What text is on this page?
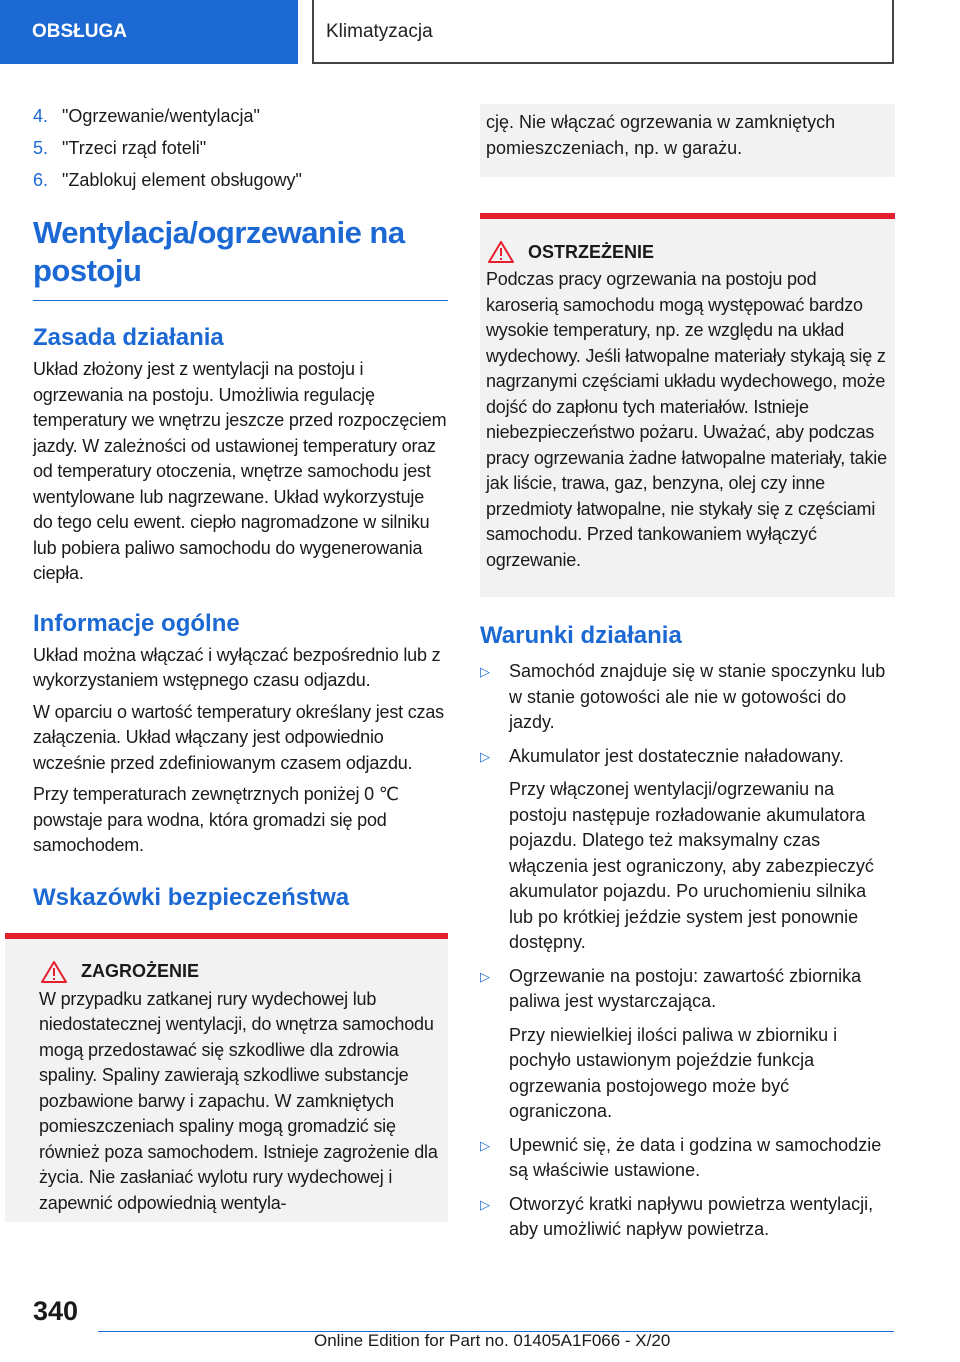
OBSŁUGA	Klimatyzacja
4. "Ogrzewanie/wentylacja"
5. "Trzeci rząd foteli"
6. "Zablokuj element obsługowy"
Wentylacja/ogrzewanie na postoju
Zasada działania

Układ złożony jest z wentylacji na postoju i ogrzewania na postoju. Umożliwia regulację temperatury we wnętrzu jeszcze przed rozpoczęciem jazdy. W zależności od ustawionej temperatury oraz od temperatury otoczenia, wnętrze samochodu jest wentylowane lub nagrzewane. Układ wykorzystuje do tego celu ewent. ciepło nagromadzone w silniku lub pobiera paliwo samochodu do wygenerowania ciepła.

Informacje ogólne

Układ można włączać i wyłączać bezpośrednio lub z wykorzystaniem wstępnego czasu odjazdu.

W oparciu o wartość temperatury określany jest czas załączenia. Układ włączany jest odpowiednio wcześnie przed zdefiniowanym czasem odjazdu.

Przy temperaturach zewnętrznych poniżej 0 ℃ powstaje para wodna, która gromadzi się pod samochodem.

Wskazówki bezpieczeństwa
ZAGROŻENIE

W przypadku zatkanej rury wydechowej lub niedostatecznej wentylacji, do wnętrza samochodu mogą przedostawać się szkodliwe dla zdrowia spaliny. Spaliny zawierają szkodliwe substancje pozbawione barwy i zapachu. W zamkniętych pomieszczeniach spaliny mogą gromadzić się również poza samochodem. Istnieje zagrożenie dla życia. Nie zasłaniać wylotu rury wydechowej i zapewnić odpowiednią wentyla-

cję. Nie włączać ogrzewania w zamkniętych pomieszczeniach, np. w garażu.
OSTRZEŻENIE

Podczas pracy ogrzewania na postoju pod karoserią samochodu mogą występować bardzo wysokie temperatury, np. ze względu na układ wydechowy. Jeśli łatwopalne materiały stykają się z nagrzanymi częściami układu wydechowego, może dojść do zapłonu tych materiałów. Istnieje niebezpieczeństwo pożaru. Uważać, aby podczas pracy ogrzewania żadne łatwopalne materiały, takie jak liście, trawa, gaz, benzyna, olej czy inne przedmioty łatwopalne, nie stykały się z częściami samochodu. Przed tankowaniem wyłączyć ogrzewanie.

Warunki działania
▷	Samochód znajduje się w stanie spoczynku lub w stanie gotowości ale nie w gotowości do jazdy.
▷	Akumulator jest dostatecznie naładowany.

Przy włączonej wentylacji/ogrzewaniu na postoju następuje rozładowanie akumulatora pojazdu. Dlatego też maksymalny czas włączenia jest ograniczony, aby zabezpieczyć akumulator pojazdu. Po uruchomieniu silnika lub po krótkiej jeździe system jest ponownie dostępny.

▷	Ogrzewanie na postoju: zawartość zbiornika paliwa jest wystarczająca.

Przy niewielkiej ilości paliwa w zbiorniku i pochyło ustawionym pojeździe funkcja ogrzewania postojowego może być ograniczona.

▷	Upewnić się, że data i godzina w samochodzie są właściwie ustawione.
▷	Otworzyć kratki napływu powietrza wentylacji, aby umożliwić napływ powietrza.
340
Online Edition for Part no. 01405A1F066 - X/20
